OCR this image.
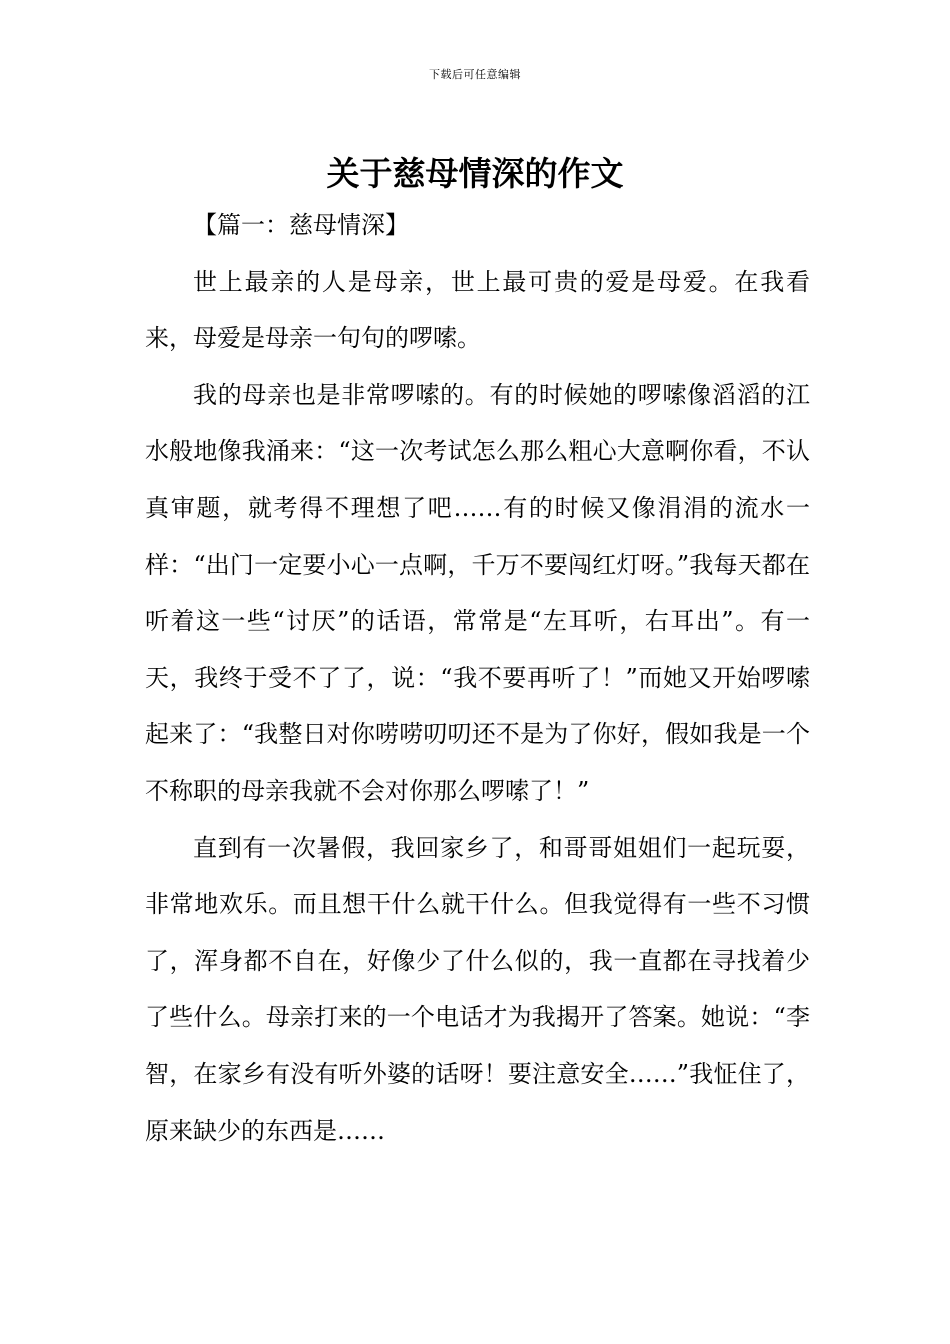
下载后可任意编辑
关于慈母情深的作文

【篇一：慈母情深】

世上最亲的人是母亲，世上最可贵的爱是母爱。在我看来，母爱是母亲一句句的啰嗦。

我的母亲也是非常啰嗦的。有的时候她的啰嗦像滔滔的江水般地像我涌来：“这一次考试怎么那么粗心大意啊你看，不认真审题，就考得不理想了吧……有的时候又像涓涓的流水一样：“出门一定要小心一点啊，千万不要闯红灯呀。”我每天都在听着这一些“讨厌”的话语，常常是“左耳听，右耳出”。有一天，我终于受不了了，说：“我不要再听了！”而她又开始啰嗦起来了：“我整日对你唠唠叨叨还不是为了你好，假如我是一个不称职的母亲我就不会对你那么啰嗦了！”

直到有一次暑假，我回家乡了，和哥哥姐姐们一起玩耍，非常地欢乐。而且想干什么就干什么。但我觉得有一些不习惯了，浑身都不自在，好像少了什么似的，我一直都在寻找着少了些什么。母亲打来的一个电话才为我揭开了答案。她说：“李智，在家乡有没有听外婆的话呀！要注意安全……”我怔住了，原来缺少的东西是……
